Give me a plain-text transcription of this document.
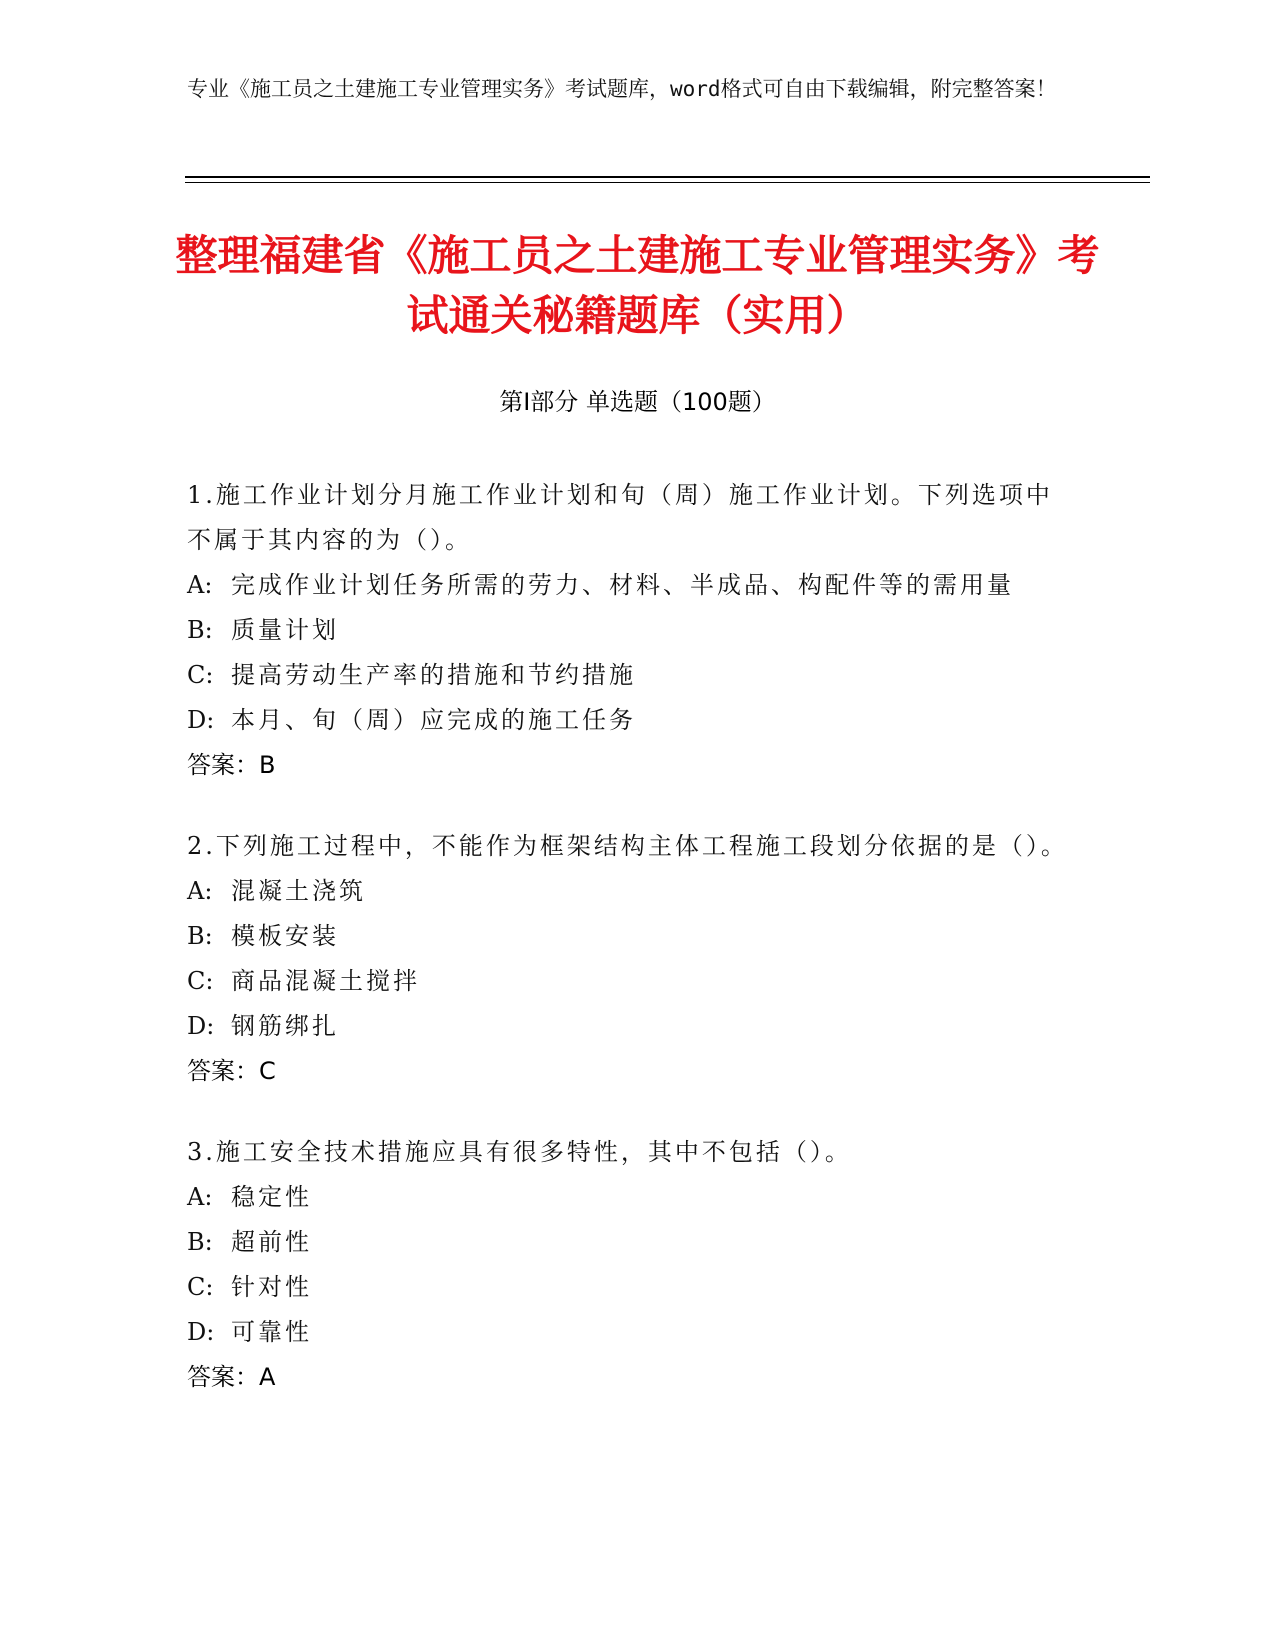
专业《施工员之土建施工专业管理实务》考试题库，word格式可自由下载编辑，附完整答案！
整理福建省《施工员之土建施工专业管理实务》考试通关秘籍题库（实用）
第Ⅰ部分 单选题（100题）
1.施工作业计划分月施工作业计划和旬（周）施工作业计划。下列选项中不属于其内容的为（）。
A: 完成作业计划任务所需的劳力、材料、半成品、构配件等的需用量
B: 质量计划
C: 提高劳动生产率的措施和节约措施
D: 本月、旬（周）应完成的施工任务
答案：B
2.下列施工过程中，不能作为框架结构主体工程施工段划分依据的是（）。
A: 混凝土浇筑
B: 模板安装
C: 商品混凝土搅拌
D: 钢筋绑扎
答案：C
3.施工安全技术措施应具有很多特性，其中不包括（）。
A: 稳定性
B: 超前性
C: 针对性
D: 可靠性
答案：A
